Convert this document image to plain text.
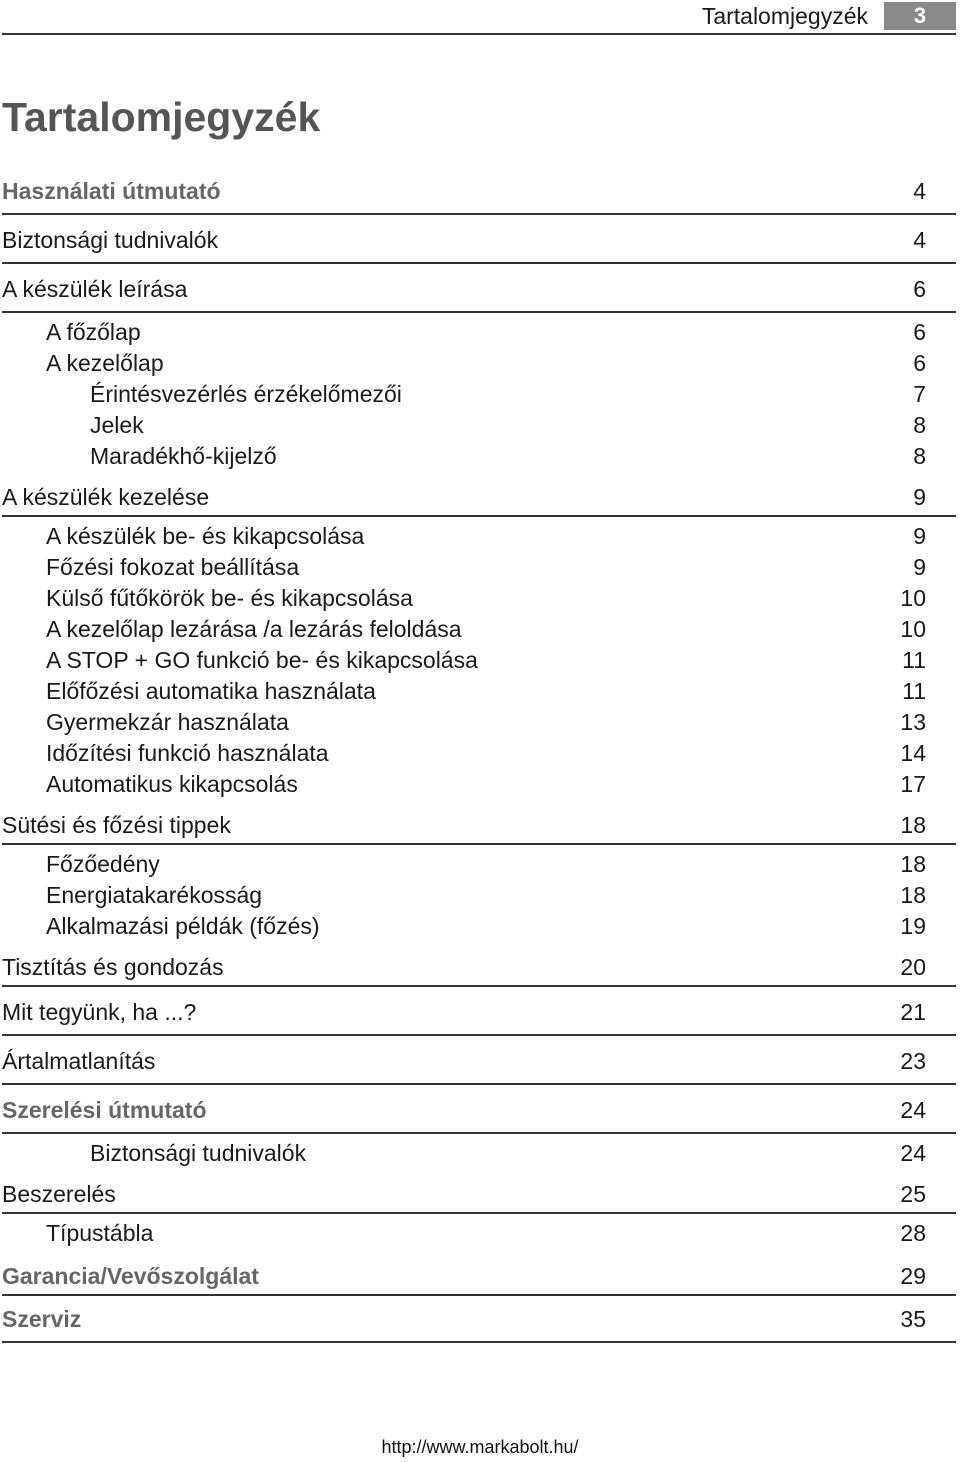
Tartalomjegyzék	3
Tartalomjegyzék
Használati útmutató	4
Biztonsági tudnivalók	4
A készülék leírása	6
A főzőlap	6
A kezelőlap	6
Érintésvezérlés érzékelőmezői	7
Jelek	8
Maradékhő-kijelző	8
A készülék kezelése	9
A készülék be- és kikapcsolása	9
Főzési fokozat beállítása	9
Külső fűtőkörök be- és kikapcsolása	10
A kezelőlap lezárása /a lezárás feloldása	10
A STOP + GO funkció be- és kikapcsolása	11
Előfőzési automatika használata	11
Gyermekzár használata	13
Időzítési funkció használata	14
Automatikus kikapcsolás	17
Sütési és főzési tippek	18
Főzőedény	18
Energiatakarékosság	18
Alkalmazási példák (főzés)	19
Tisztítás és gondozás	20
Mit tegyünk, ha ...?	21
Ártalmatlanítás	23
Szerelési útmutató	24
Biztonsági tudnivalók	24
Beszerelés	25
Típustábla	28
Garancia/Vevőszolgálat	29
Szerviz	35
http://www.markabolt.hu/
